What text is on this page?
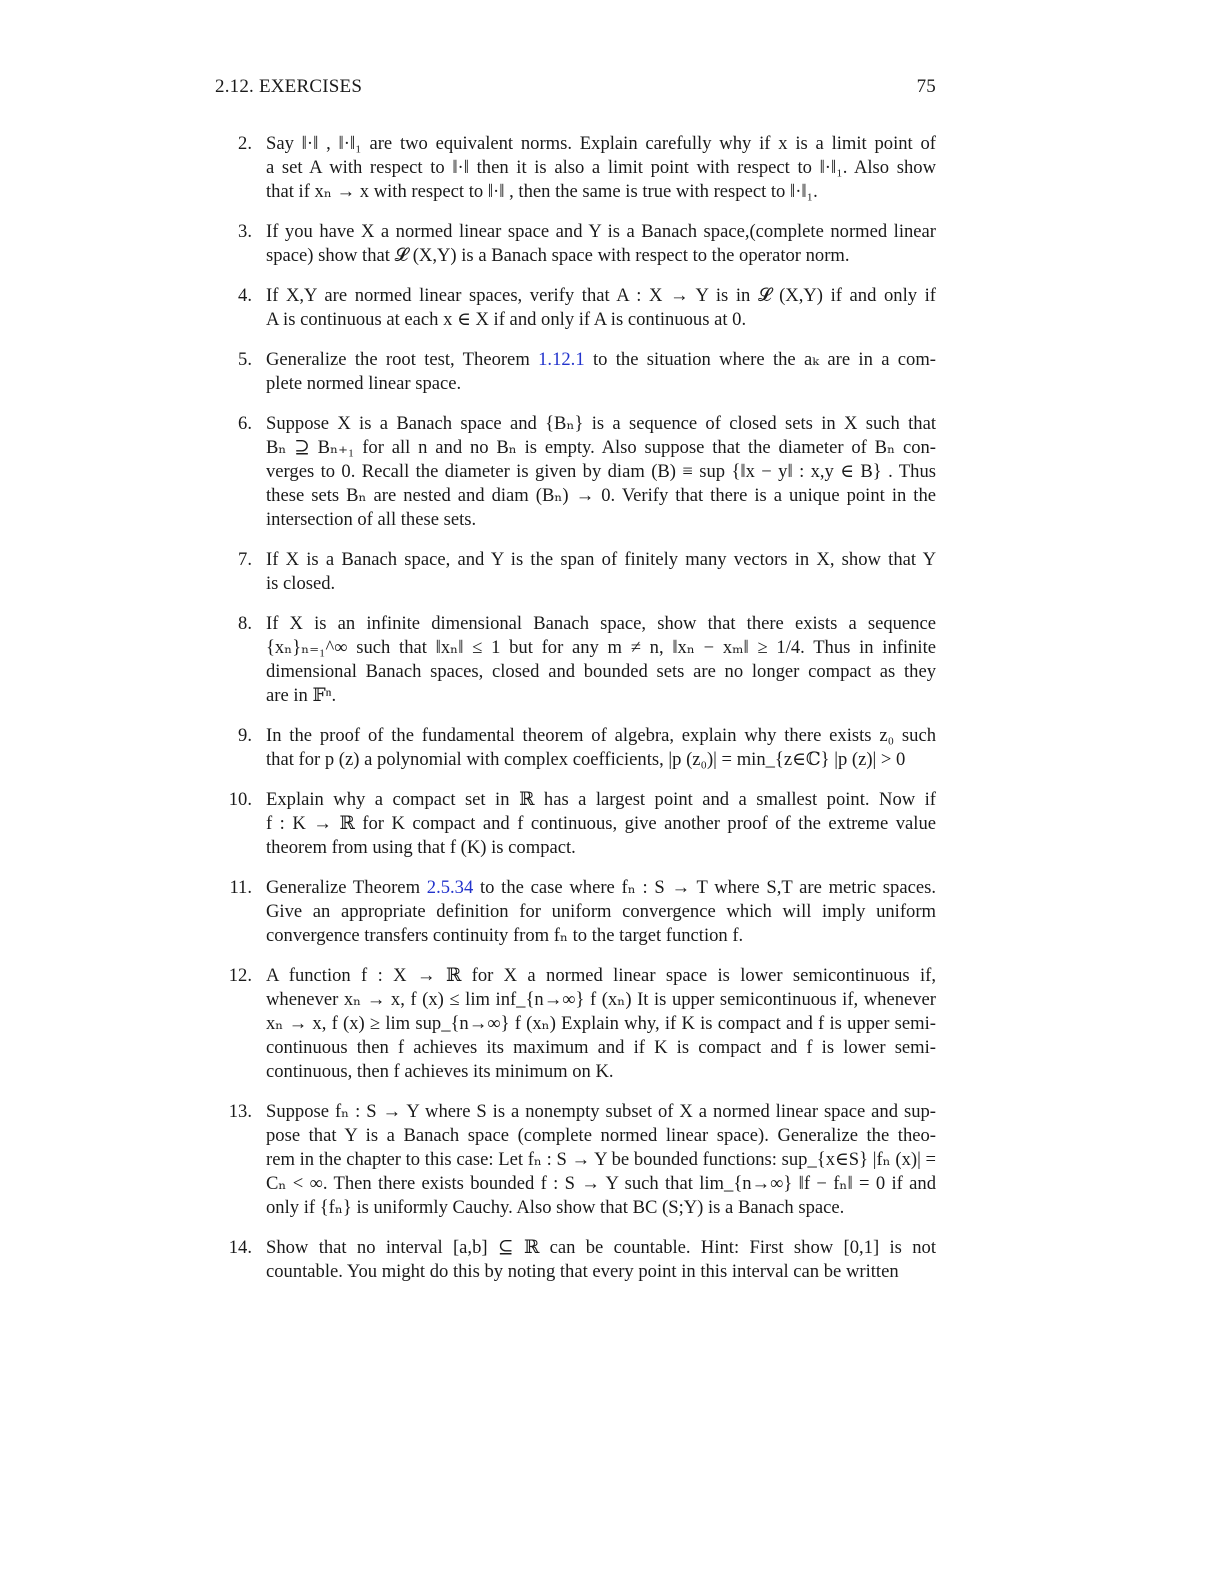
2.12. EXERCISES	75
2. Say ‖·‖ , ‖·‖₁ are two equivalent norms. Explain carefully why if x is a limit point of
a set A with respect to ‖·‖ then it is also a limit point with respect to ‖·‖₁. Also show
that if xₙ → x with respect to ‖·‖ , then the same is true with respect to ‖·‖₁.
3. If you have X a normed linear space and Y is a Banach space,(complete normed linear
space) show that 𝓛 (X,Y) is a Banach space with respect to the operator norm.
4. If X,Y are normed linear spaces, verify that A : X → Y is in 𝓛 (X,Y) if and only if
A is continuous at each x ∈ X if and only if A is continuous at 0.
5. Generalize the root test, Theorem 1.12.1 to the situation where the aₖ are in a com-
plete normed linear space.
6. Suppose X is a Banach space and {Bₙ} is a sequence of closed sets in X such that
Bₙ ⊇ Bₙ₊₁ for all n and no Bₙ is empty. Also suppose that the diameter of Bₙ con-
verges to 0. Recall the diameter is given by diam (B) ≡ sup {‖x − y‖ : x,y ∈ B} . Thus
these sets Bₙ are nested and diam (Bₙ) → 0. Verify that there is a unique point in the
intersection of all these sets.
7. If X is a Banach space, and Y is the span of finitely many vectors in X, show that Y
is closed.
8. If X is an infinite dimensional Banach space, show that there exists a sequence
{xₙ}ₙ₌₁^∞ such that ‖xₙ‖ ≤ 1 but for any m ≠ n, ‖xₙ − xₘ‖ ≥ 1/4. Thus in infinite
dimensional Banach spaces, closed and bounded sets are no longer compact as they
are in 𝔽ⁿ.
9. In the proof of the fundamental theorem of algebra, explain why there exists z₀ such
that for p (z) a polynomial with complex coefficients, |p (z₀)| = min_{z∈ℂ} |p (z)| > 0
10. Explain why a compact set in ℝ has a largest point and a smallest point. Now if
f : K → ℝ for K compact and f continuous, give another proof of the extreme value
theorem from using that f (K) is compact.
11. Generalize Theorem 2.5.34 to the case where fₙ : S → T where S,T are metric spaces.
Give an appropriate definition for uniform convergence which will imply uniform
convergence transfers continuity from fₙ to the target function f.
12. A function f : X → ℝ for X a normed linear space is lower semicontinuous if,
whenever xₙ → x, f (x) ≤ lim inf_{n→∞} f (xₙ) It is upper semicontinuous if, whenever
xₙ → x, f (x) ≥ lim sup_{n→∞} f (xₙ) Explain why, if K is compact and f is upper semi-
continuous then f achieves its maximum and if K is compact and f is lower semi-
continuous, then f achieves its minimum on K.
13. Suppose fₙ : S → Y where S is a nonempty subset of X a normed linear space and sup-
pose that Y is a Banach space (complete normed linear space). Generalize the theo-
rem in the chapter to this case: Let fₙ : S → Y be bounded functions: sup_{x∈S} |fₙ (x)| =
Cₙ < ∞. Then there exists bounded f : S → Y such that lim_{n→∞} ‖f − fₙ‖ = 0 if and
only if {fₙ} is uniformly Cauchy. Also show that BC (S;Y) is a Banach space.
14. Show that no interval [a,b] ⊆ ℝ can be countable. Hint: First show [0,1] is not
countable. You might do this by noting that every point in this interval can be written
